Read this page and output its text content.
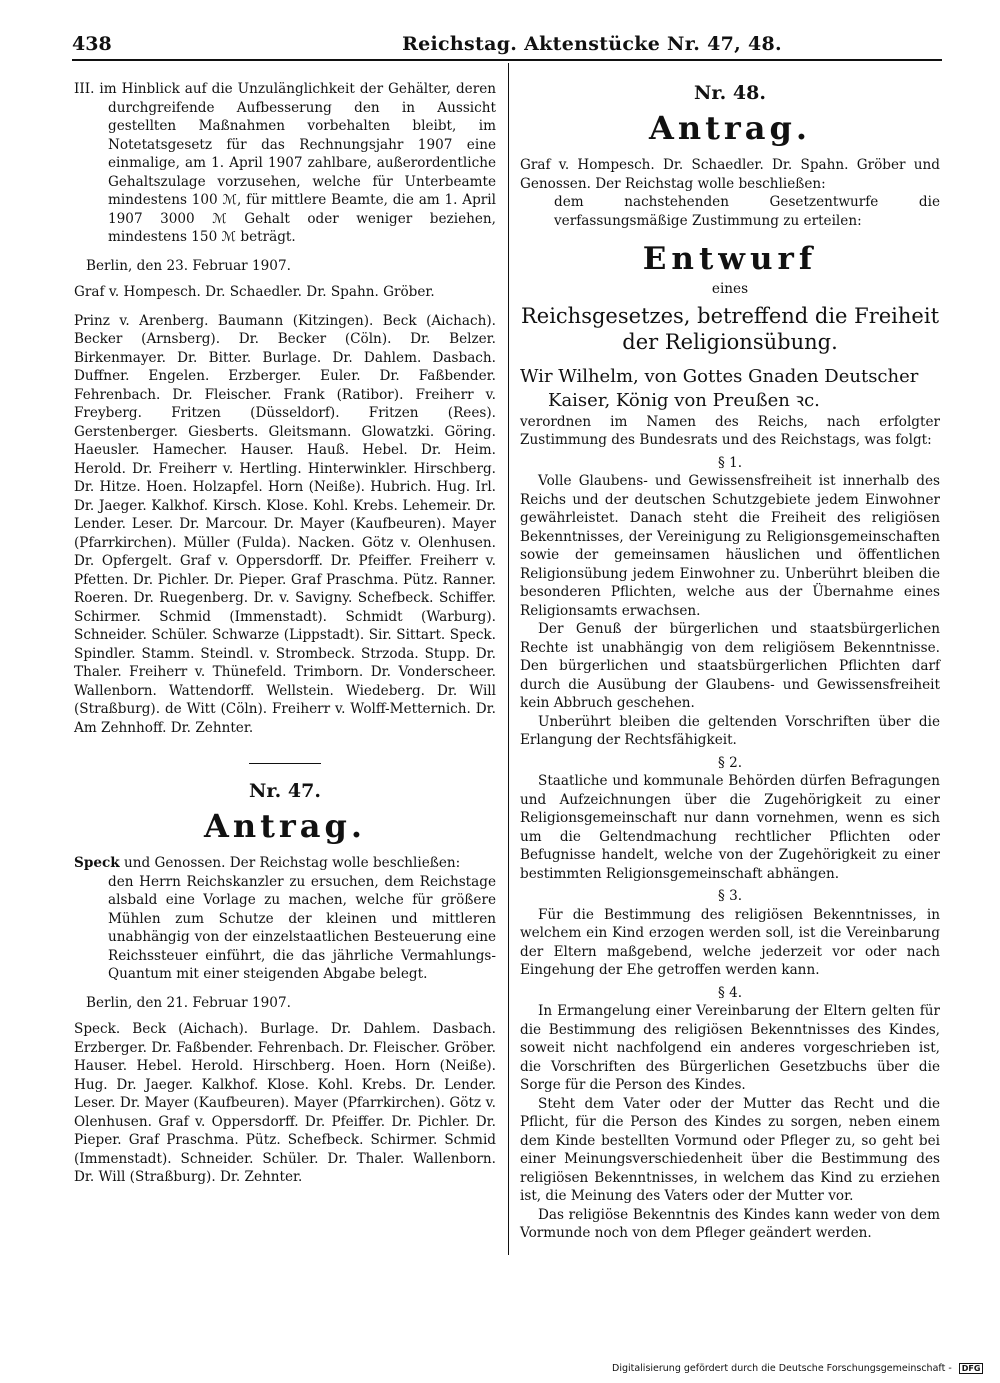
438	Reichstag. Aktenstücke Nr. 47, 48.

III. im Hinblick auf die Unzulänglichkeit der Gehälter, deren durchgreifende Aufbesserung den in Aussicht gestellten Maßnahmen vorbehalten bleibt, im Notetatsgesetz für das Rechnungsjahr 1907 eine einmalige, am 1. April 1907 zahlbare, außerordentliche Gehaltszulage vorzusehen, welche für Unterbeamte mindestens 100 ℳ, für mittlere Beamte, die am 1. April 1907 3000 ℳ Gehalt oder weniger beziehen, mindestens 150 ℳ beträgt.

Berlin, den 23. Februar 1907.

Graf v. Hompesch. Dr. Schaedler. Dr. Spahn. Gröber.

Prinz v. Arenberg. Baumann (Kitzingen). Beck (Aichach). Becker (Arnsberg). Dr. Becker (Cöln). Dr. Belzer. Birkenmayer. Dr. Bitter. Burlage. Dr. Dahlem. Dasbach. Duffner. Engelen. Erzberger. Euler. Dr. Faßbender. Fehrenbach. Dr. Fleischer. Frank (Ratibor). Freiherr v. Freyberg. Fritzen (Düsseldorf). Fritzen (Rees). Gerstenberger. Giesberts. Gleitsmann. Glowatzki. Göring. Haeusler. Hamecher. Hauser. Hauß. Hebel. Dr. Heim. Herold. Dr. Freiherr v. Hertling. Hinterwinkler. Hirschberg. Dr. Hitze. Hoen. Holzapfel. Horn (Neiße). Hubrich. Hug. Irl. Dr. Jaeger. Kalkhof. Kirsch. Klose. Kohl. Krebs. Lehemeir. Dr. Lender. Leser. Dr. Marcour. Dr. Mayer (Kaufbeuren). Mayer (Pfarrkirchen). Müller (Fulda). Nacken. Götz v. Olenhusen. Dr. Opfergelt. Graf v. Oppersdorff. Dr. Pfeiffer. Freiherr v. Pfetten. Dr. Pichler. Dr. Pieper. Graf Praschma. Pütz. Ranner. Roeren. Dr. Ruegenberg. Dr. v. Savigny. Schefbeck. Schiffer. Schirmer. Schmid (Immenstadt). Schmidt (Warburg). Schneider. Schüler. Schwarze (Lippstadt). Sir. Sittart. Speck. Spindler. Stamm. Steindl. v. Strombeck. Strzoda. Stupp. Dr. Thaler. Freiherr v. Thünefeld. Trimborn. Dr. Vonderscheer. Wallenborn. Wattendorff. Wellstein. Wiedeberg. Dr. Will (Straßburg). de Witt (Cöln). Freiherr v. Wolff-Metternich. Dr. Am Zehnhoff. Dr. Zehnter.

Nr. 47.

Antrag.

Speck und Genossen. Der Reichstag wolle beschließen:

den Herrn Reichskanzler zu ersuchen, dem Reichstage alsbald eine Vorlage zu machen, welche für größere Mühlen zum Schutze der kleinen und mittleren unabhängig von der einzelstaatlichen Besteuerung eine Reichssteuer einführt, die das jährliche Vermahlungs-Quantum mit einer steigenden Abgabe belegt.

Berlin, den 21. Februar 1907.

Speck. Beck (Aichach). Burlage. Dr. Dahlem. Dasbach. Erzberger. Dr. Faßbender. Fehrenbach. Dr. Fleischer. Gröber. Hauser. Hebel. Herold. Hirschberg. Hoen. Horn (Neiße). Hug. Dr. Jaeger. Kalkhof. Klose. Kohl. Krebs. Dr. Lender. Leser. Dr. Mayer (Kaufbeuren). Mayer (Pfarrkirchen). Götz v. Olenhusen. Graf v. Oppersdorff. Dr. Pfeiffer. Dr. Pichler. Dr. Pieper. Graf Praschma. Pütz. Schefbeck. Schirmer. Schmid (Immenstadt). Schneider. Schüler. Dr. Thaler. Wallenborn. Dr. Will (Straßburg). Dr. Zehnter.

Nr. 48.

Antrag.

Graf v. Hompesch. Dr. Schaedler. Dr. Spahn. Gröber und Genossen. Der Reichstag wolle beschließen:

dem nachstehenden Gesetzentwurfe die verfassungsmäßige Zustimmung zu erteilen:

Entwurf

eines

Reichsgesetzes, betreffend die Freiheit der Religionsübung.

Wir Wilhelm, von Gottes Gnaden Deutscher

Kaiser, König von Preußen ꝛc.

verordnen im Namen des Reichs, nach erfolgter Zustimmung des Bundesrats und des Reichstags, was folgt:

§ 1.

Volle Glaubens- und Gewissensfreiheit ist innerhalb des Reichs und der deutschen Schutzgebiete jedem Einwohner gewährleistet. Danach steht die Freiheit des religiösen Bekenntnisses, der Vereinigung zu Religionsgemeinschaften sowie der gemeinsamen häuslichen und öffentlichen Religionsübung jedem Einwohner zu. Unberührt bleiben die besonderen Pflichten, welche aus der Übernahme eines Religionsamts erwachsen.

Der Genuß der bürgerlichen und staatsbürgerlichen Rechte ist unabhängig von dem religiösem Bekenntnisse. Den bürgerlichen und staatsbürgerlichen Pflichten darf durch die Ausübung der Glaubens- und Gewissensfreiheit kein Abbruch geschehen.

Unberührt bleiben die geltenden Vorschriften über die Erlangung der Rechtsfähigkeit.

§ 2.

Staatliche und kommunale Behörden dürfen Befragungen und Aufzeichnungen über die Zugehörigkeit zu einer Religionsgemeinschaft nur dann vornehmen, wenn es sich um die Geltendmachung rechtlicher Pflichten oder Befugnisse handelt, welche von der Zugehörigkeit zu einer bestimmten Religionsgemeinschaft abhängen.

§ 3.

Für die Bestimmung des religiösen Bekenntnisses, in welchem ein Kind erzogen werden soll, ist die Vereinbarung der Eltern maßgebend, welche jederzeit vor oder nach Eingehung der Ehe getroffen werden kann.

§ 4.

In Ermangelung einer Vereinbarung der Eltern gelten für die Bestimmung des religiösen Bekenntnisses des Kindes, soweit nicht nachfolgend ein anderes vorgeschrieben ist, die Vorschriften des Bürgerlichen Gesetzbuchs über die Sorge für die Person des Kindes.

Steht dem Vater oder der Mutter das Recht und die Pflicht, für die Person des Kindes zu sorgen, neben einem dem Kinde bestellten Vormund oder Pfleger zu, so geht bei einer Meinungsverschiedenheit über die Bestimmung des religiösen Bekenntnisses, in welchem das Kind zu erziehen ist, die Meinung des Vaters oder der Mutter vor.

Das religiöse Bekenntnis des Kindes kann weder von dem Vormunde noch von dem Pfleger geändert werden.

Digitalisierung gefördert durch die Deutsche Forschungsgemeinschaft - DFG
